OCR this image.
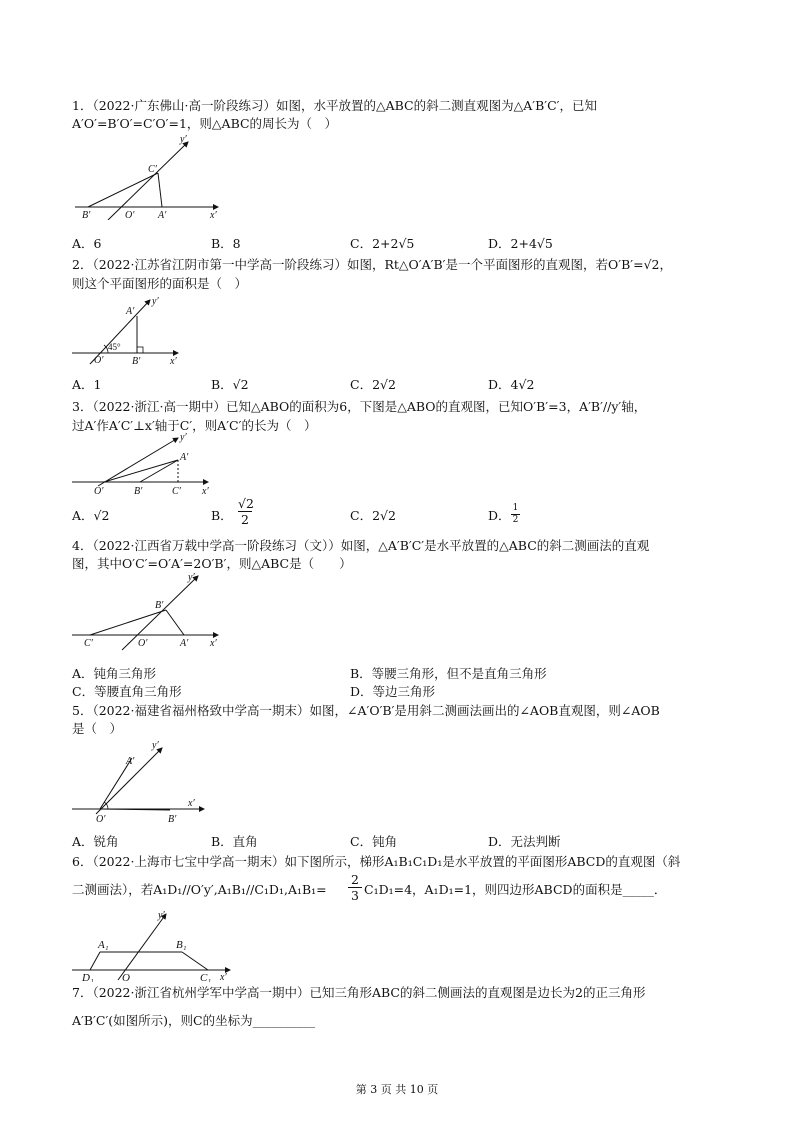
1．（2022·广东佛山·高一阶段练习）如图，水平放置的△ABC的斜二测直观图为△A′B′C′，已知
A′O′=B′O′=C′O′=1，则△ABC的周长为（　）
y′
C′
B′	O′ A′	x′
A．6	B．8	C．2+2√5	D．2+4√5
2．（2022·江苏省江阴市第一中学高一阶段练习）如图，Rt△O′A′B′是一个平面图形的直观图，若O′B′=√2，
则这个平面图形的面积是（　）
y′
A′
45°
O′	B′	x′
A．1	B．√2	C．2√2	D．4√2
3．（2022·浙江·高一期中）已知△ABO的面积为6，下图是△ABO的直观图，已知O′B′=3，A′B′//y′轴，
过A′作A′C′⊥x′轴于C′，则A′C′的长为（　）
y′
A′
O′	B′	C′ x′
A．√2	B．
√2
2	C．2√2	D． 1
2
4．（2022·江西省万载中学高一阶段练习（文））如图，△A′B′C′是水平放置的△ABC的斜二测画法的直观
图，其中O′C′=O′A′=2O′B′，则△ABC是（　　）
y′
B′
C′	O′	A′ x′
A．钝角三角形	B．等腰三角形，但不是直角三角形
C．等腰直角三角形	D．等边三角形
5．（2022·福建省福州格致中学高一期末）如图，∠A′O′B′是用斜二测画法画出的∠AOB直观图，则∠AOB
是（　）
y′
A′
x′
O′	B′
A．锐角	B．直角	C．钝角	D．无法判断
6．（2022·上海市七宝中学高一期末）如下图所示，梯形A₁B₁C₁D₁是水平放置的平面图形ABCD的直观图（斜
二测画法），若A₁D₁//O′y′,A₁B₁//C₁D₁,A₁B₁=
2
3 C₁D₁=4，A₁D₁=1，则四边形ABCD的面积是_____．
y′
A₁	B₁
D₁	O	C₁ x′
7．（2022·浙江省杭州学军中学高一期中）已知三角形ABC的斜二侧画法的直观图是边长为2的正三角形
A′B′C′(如图所示)，则C的坐标为__________
第 3 页 共 10 页
